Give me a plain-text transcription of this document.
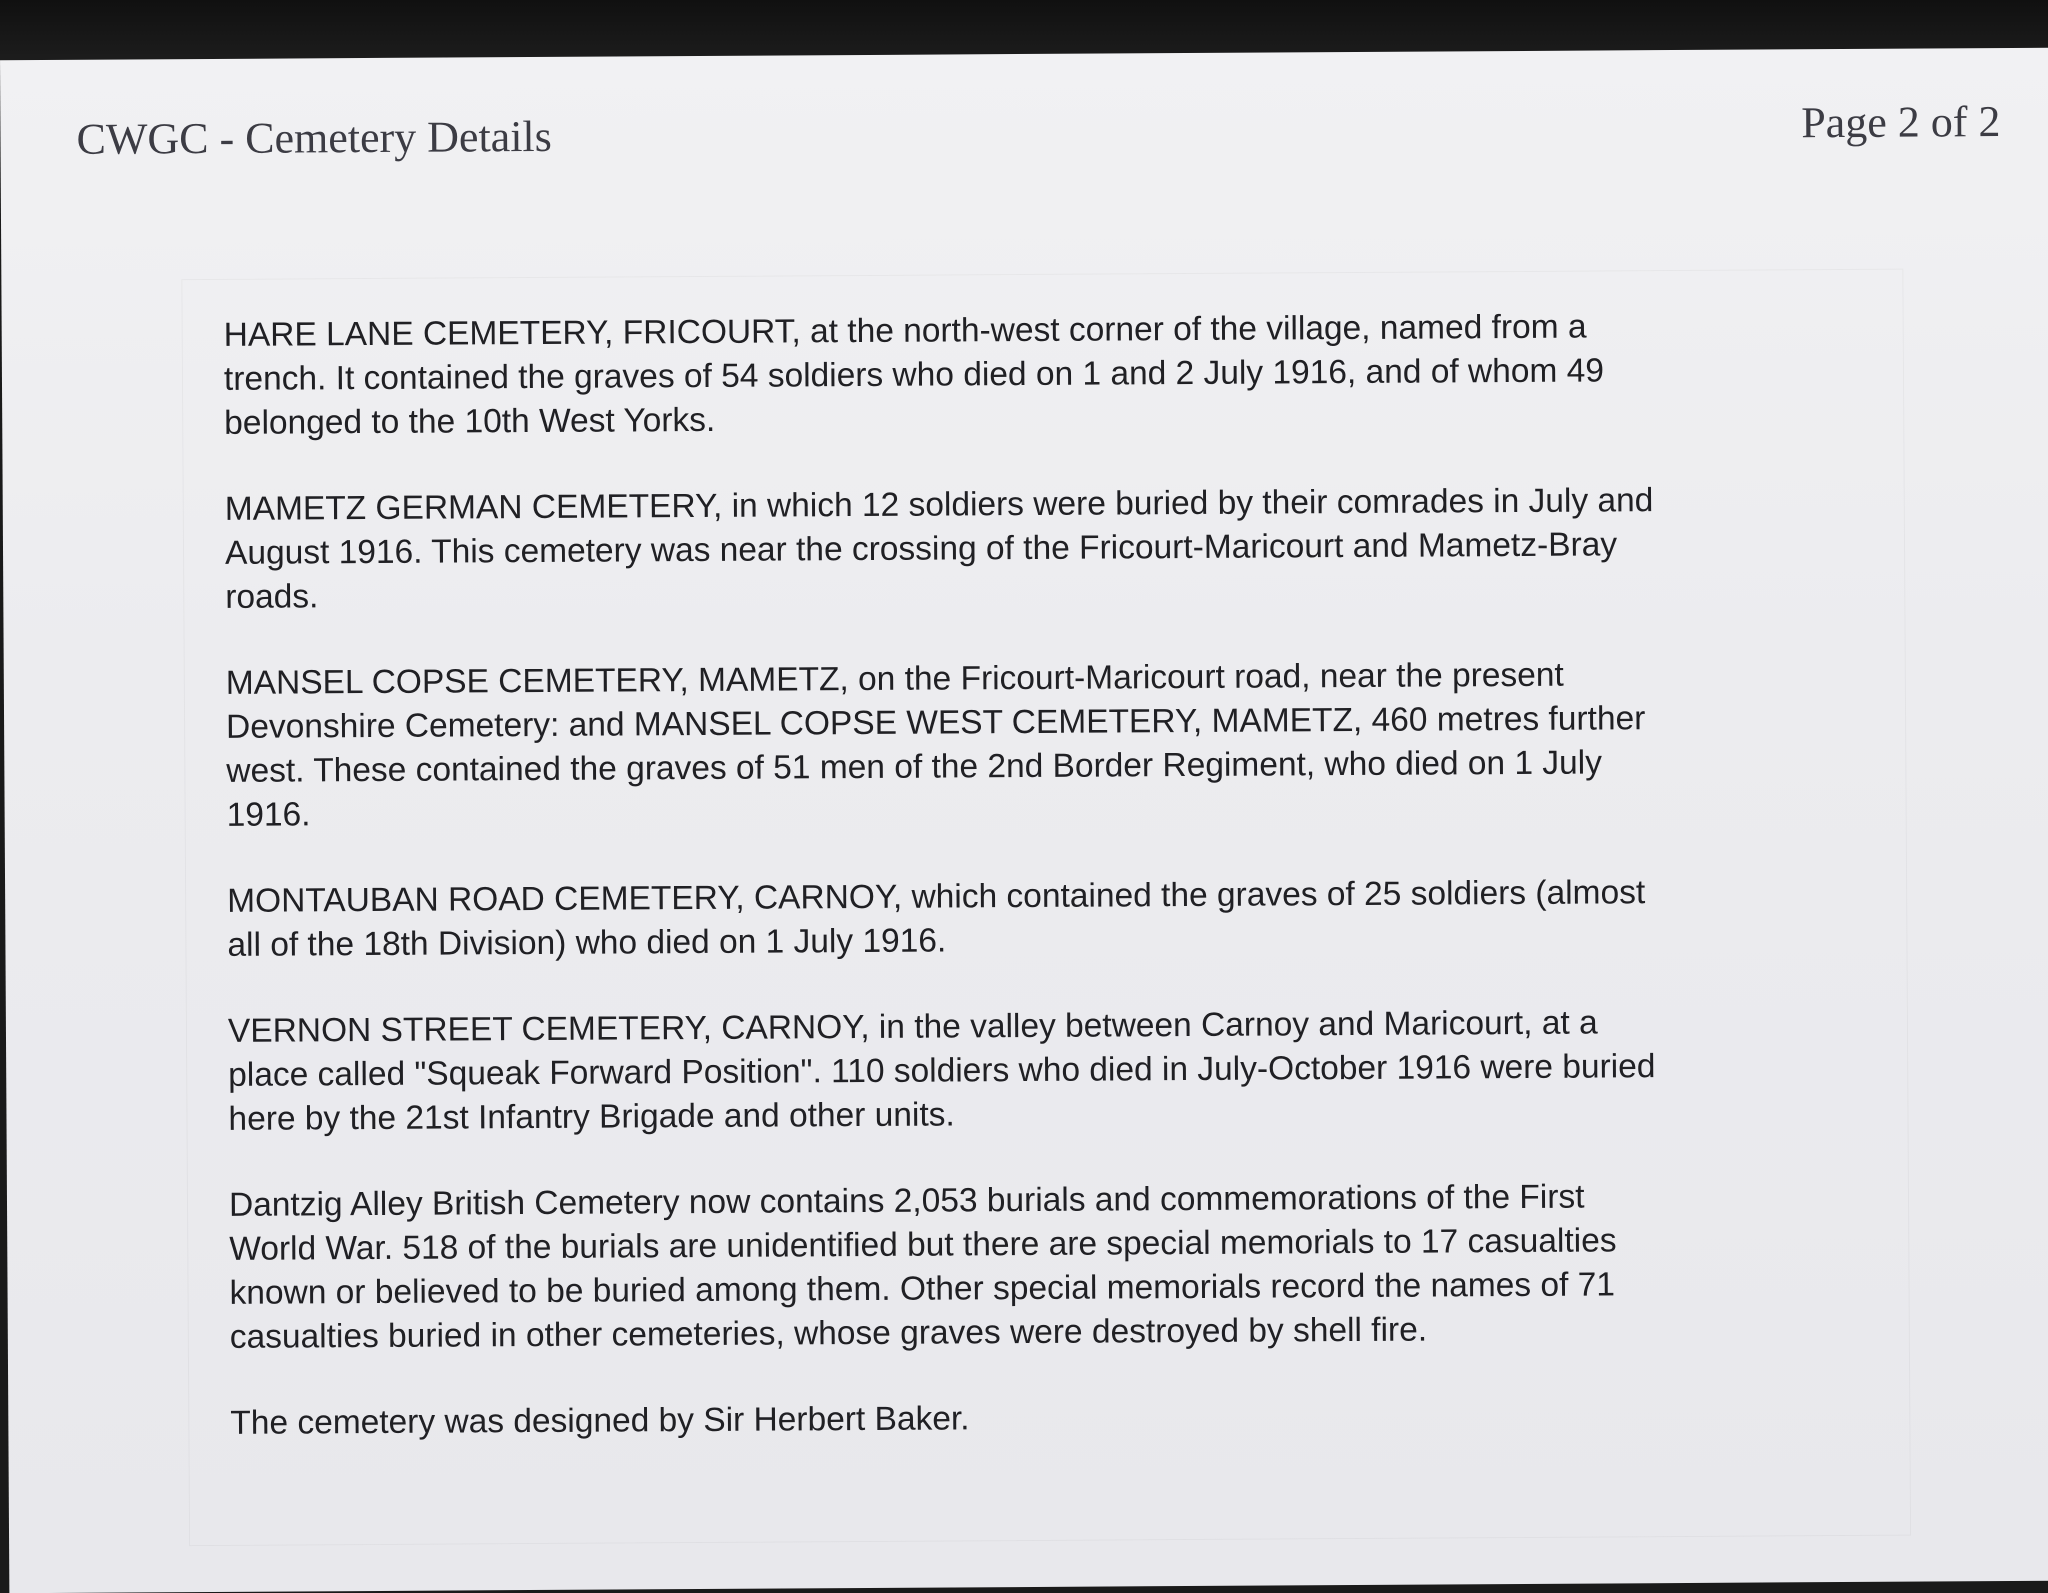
CWGC - Cemetery Details	Page 2 of 2

HARE LANE CEMETERY, FRICOURT, at the north-west corner of the village, named from a
trench. It contained the graves of 54 soldiers who died on 1 and 2 July 1916, and of whom 49
belonged to the 10th West Yorks.

MAMETZ GERMAN CEMETERY, in which 12 soldiers were buried by their comrades in July and
August 1916. This cemetery was near the crossing of the Fricourt-Maricourt and Mametz-Bray
roads.

MANSEL COPSE CEMETERY, MAMETZ, on the Fricourt-Maricourt road, near the present
Devonshire Cemetery: and MANSEL COPSE WEST CEMETERY, MAMETZ, 460 metres further
west. These contained the graves of 51 men of the 2nd Border Regiment, who died on 1 July
1916.

MONTAUBAN ROAD CEMETERY, CARNOY, which contained the graves of 25 soldiers (almost
all of the 18th Division) who died on 1 July 1916.

VERNON STREET CEMETERY, CARNOY, in the valley between Carnoy and Maricourt, at a
place called "Squeak Forward Position". 110 soldiers who died in July-October 1916 were buried
here by the 21st Infantry Brigade and other units.

Dantzig Alley British Cemetery now contains 2,053 burials and commemorations of the First
World War. 518 of the burials are unidentified but there are special memorials to 17 casualties
known or believed to be buried among them. Other special memorials record the names of 71
casualties buried in other cemeteries, whose graves were destroyed by shell fire.

The cemetery was designed by Sir Herbert Baker.
